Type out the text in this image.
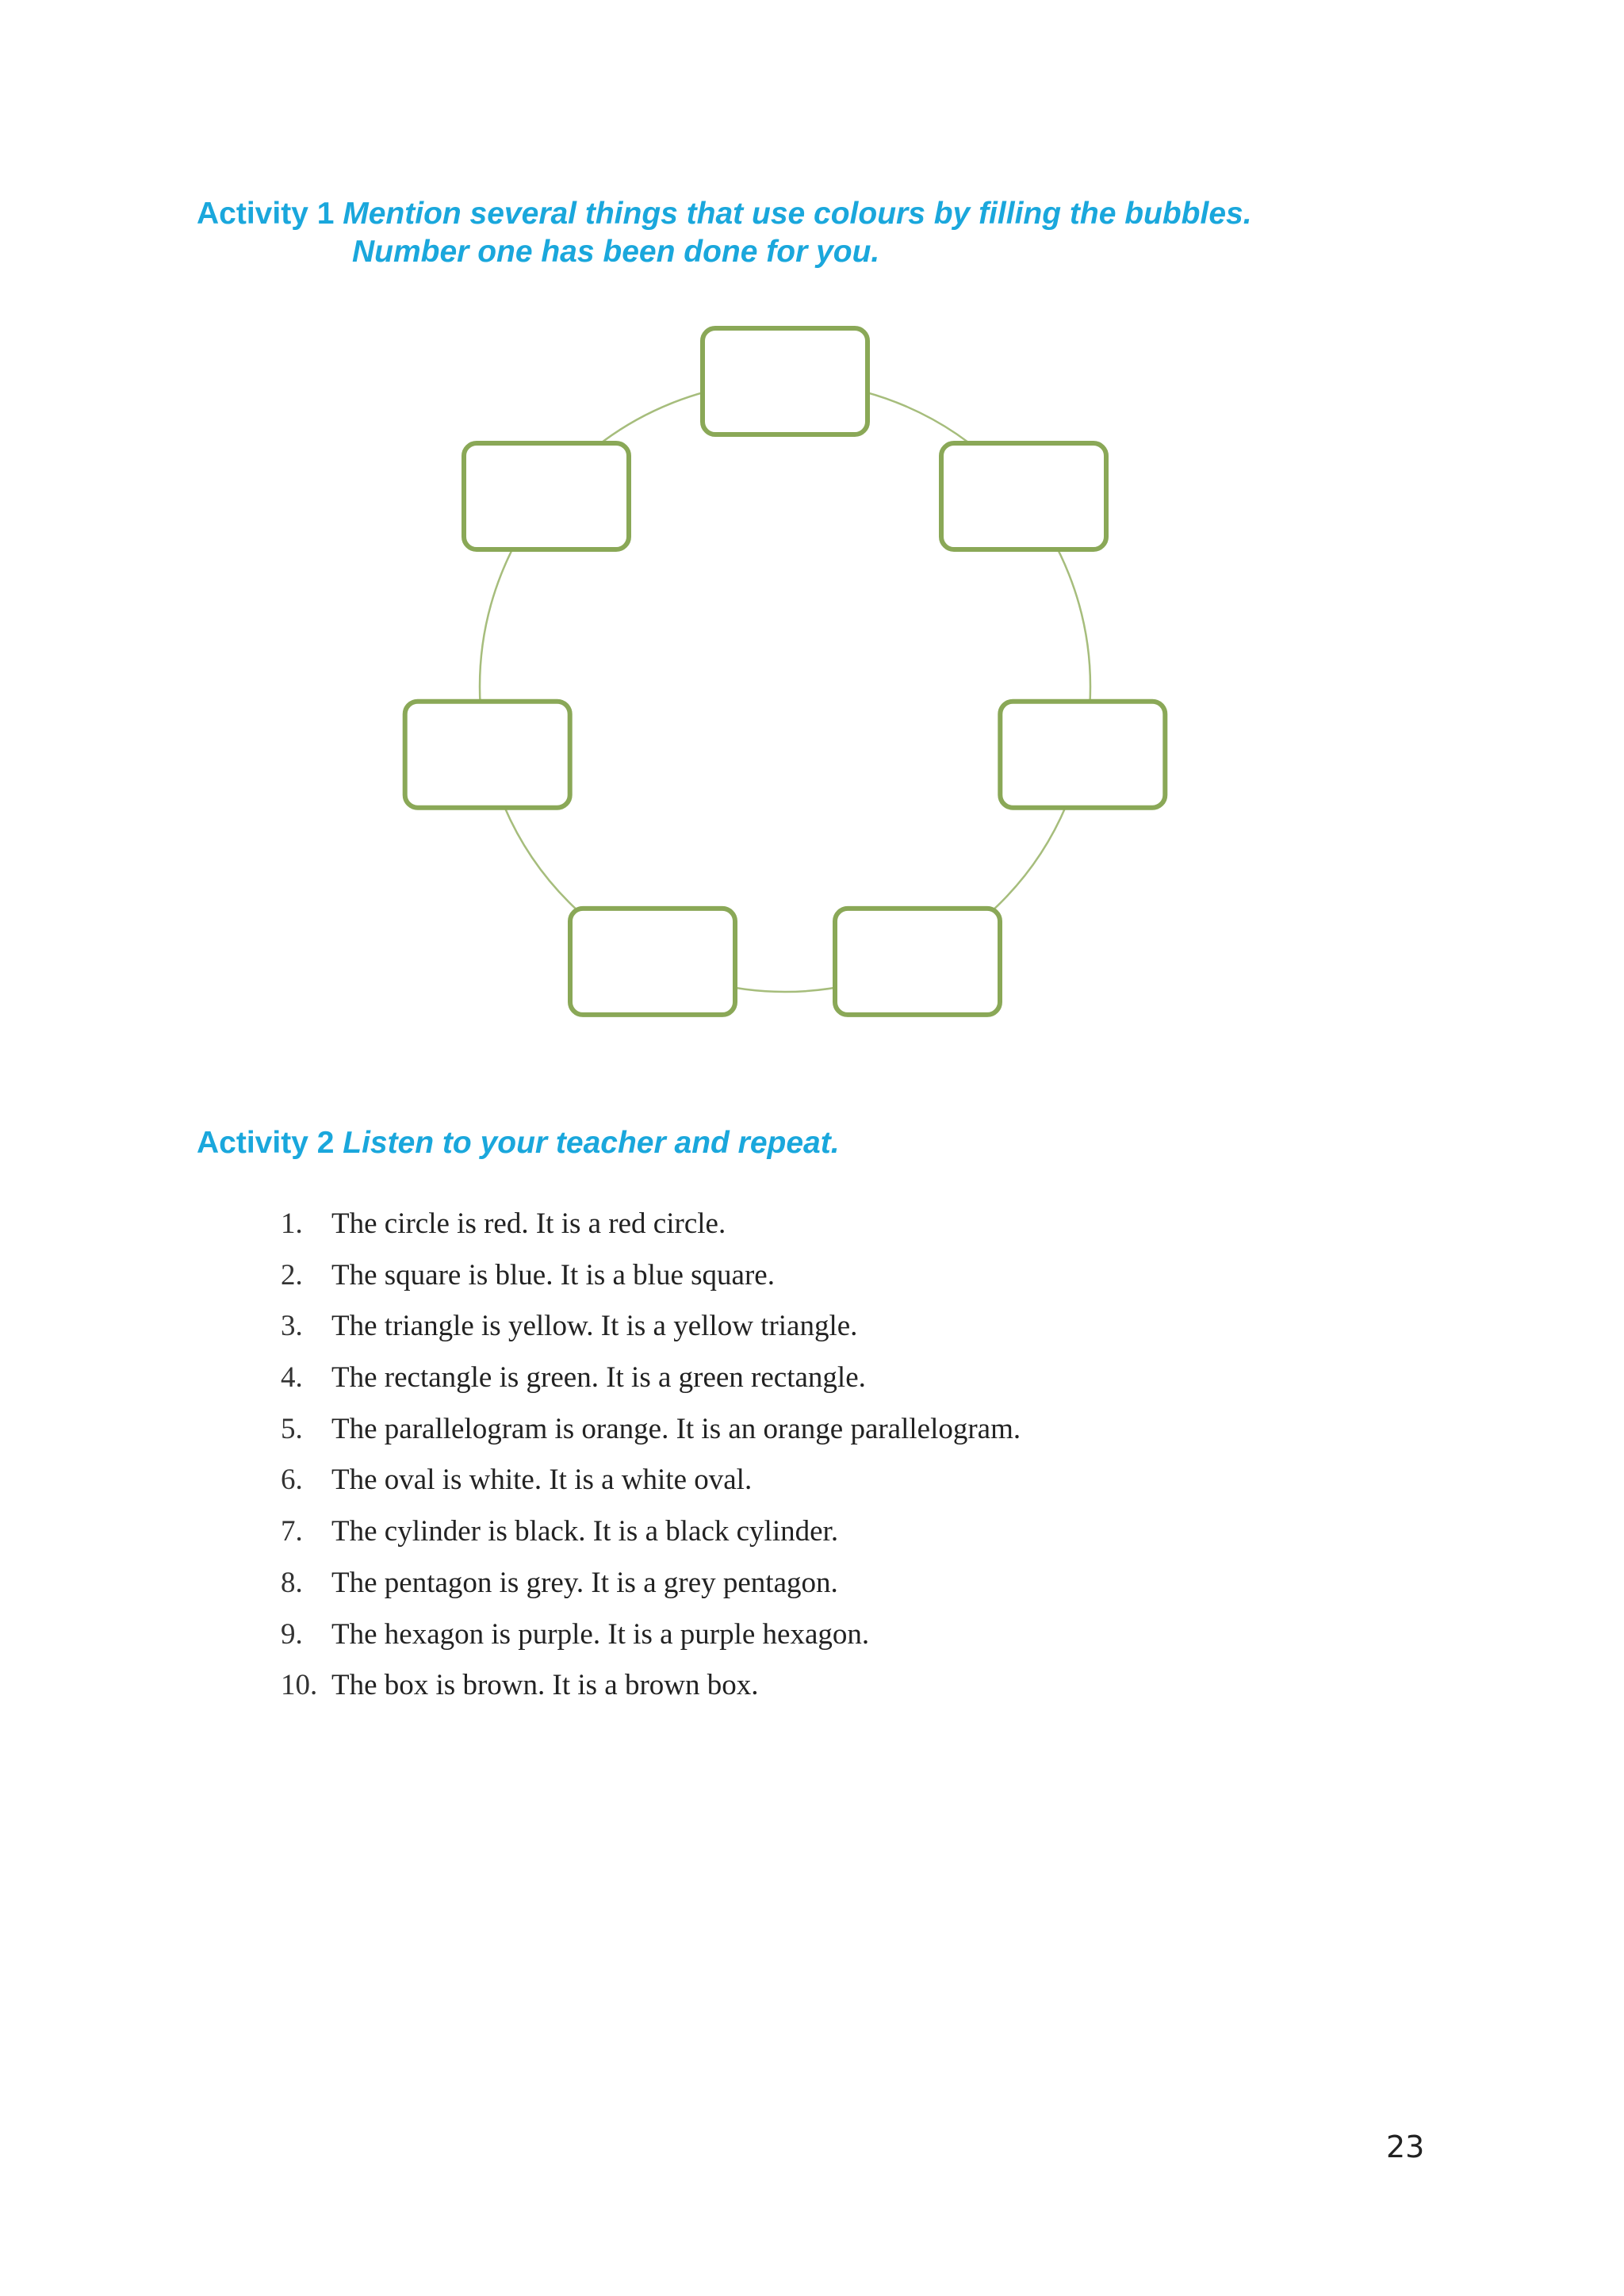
Activity 1 Mention several things that use colours by filling the bubbles.
Number one has been done for you.
Activity 2 Listen to your teacher and repeat.
1. The circle is red. It is a red circle.
2. The square is blue. It is a blue square.
3. The triangle is yellow. It is a yellow triangle.
4. The rectangle is green. It is a green rectangle.
5. The parallelogram is orange. It is an orange parallelogram.
6. The oval is white. It is a white oval.
7. The cylinder is black. It is a black cylinder.
8. The pentagon is grey. It is a grey pentagon.
9. The hexagon is purple. It is a purple hexagon.
10. The box is brown. It is a brown box.
23
